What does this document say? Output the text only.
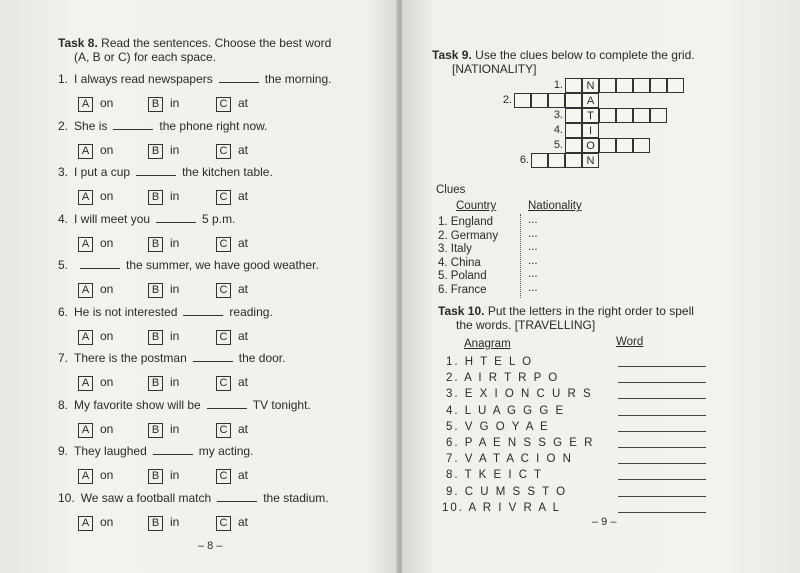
Task 8. Read the sentences. Choose the best word
(A, B or C) for each space.
– 8 –
1. I always read newspapers	the morning.
A on	B in	C at
2. She is	the phone right now.
A on	B in	C at
3. I put a cup	the kitchen table.
A on	B in	C at
4. I will meet you	5 p.m.
A on	B in	C at
5.	the summer, we have good weather.
A on	B in	C at
6. He is not interested	reading.
A on	B in	C at
7. There is the postman	the door.
A on	B in	C at
8. My favorite show will be	TV tonight.
A on	B in	C at
9. They laughed	my acting.
A on	B in	C at
10. We saw a football match	the stadium.
A on	B in	C at
Task 9. Use the clues below to complete the grid.
[NATIONALITY]
Clues
Country	Nationality
Task 10. Put the letters in the right order to spell
the words. [TRAVELLING]
Anagram	Word
– 9 –
1.	N
2.	A
3.	T
4.	I
5.	O
6.	N
1. England	...
2. Germany	...
3. Italy	...
4. China	...
5. Poland	...
6. France	...
1. H T E L O
2. A I R T R P O
3. E X I O N C U R S
4. L U A G G G E
5. V G O Y A E
6. P A E N S S G E R
7. V A T A C I O N
8. T K E I C T
9. C U M S S T O
10. A R I V R A L
